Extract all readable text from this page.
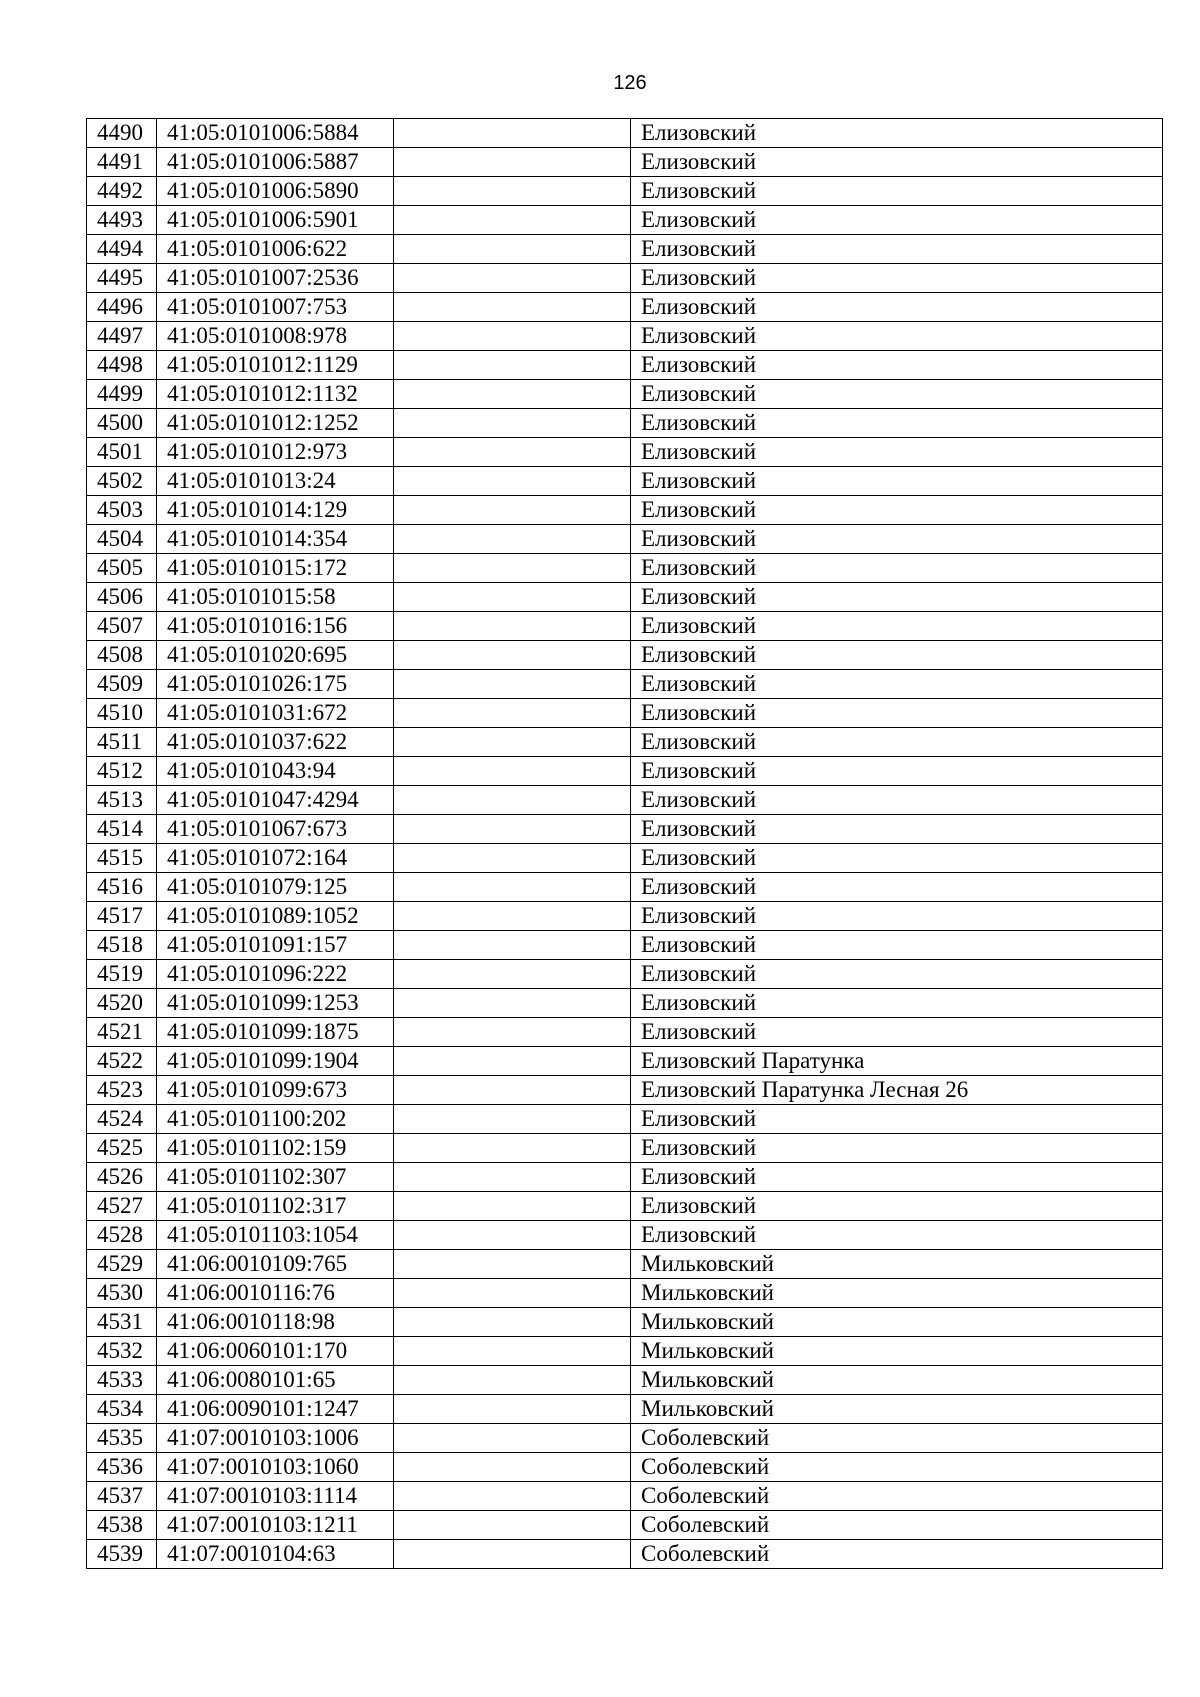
126
4490	41:05:0101006:5884		Елизовский
4491	41:05:0101006:5887		Елизовский
4492	41:05:0101006:5890		Елизовский
4493	41:05:0101006:5901		Елизовский
4494	41:05:0101006:622		Елизовский
4495	41:05:0101007:2536		Елизовский
4496	41:05:0101007:753		Елизовский
4497	41:05:0101008:978		Елизовский
4498	41:05:0101012:1129		Елизовский
4499	41:05:0101012:1132		Елизовский
4500	41:05:0101012:1252		Елизовский
4501	41:05:0101012:973		Елизовский
4502	41:05:0101013:24		Елизовский
4503	41:05:0101014:129		Елизовский
4504	41:05:0101014:354		Елизовский
4505	41:05:0101015:172		Елизовский
4506	41:05:0101015:58		Елизовский
4507	41:05:0101016:156		Елизовский
4508	41:05:0101020:695		Елизовский
4509	41:05:0101026:175		Елизовский
4510	41:05:0101031:672		Елизовский
4511	41:05:0101037:622		Елизовский
4512	41:05:0101043:94		Елизовский
4513	41:05:0101047:4294		Елизовский
4514	41:05:0101067:673		Елизовский
4515	41:05:0101072:164		Елизовский
4516	41:05:0101079:125		Елизовский
4517	41:05:0101089:1052		Елизовский
4518	41:05:0101091:157		Елизовский
4519	41:05:0101096:222		Елизовский
4520	41:05:0101099:1253		Елизовский
4521	41:05:0101099:1875		Елизовский
4522	41:05:0101099:1904		Елизовский Паратунка
4523	41:05:0101099:673		Елизовский Паратунка Лесная 26
4524	41:05:0101100:202		Елизовский
4525	41:05:0101102:159		Елизовский
4526	41:05:0101102:307		Елизовский
4527	41:05:0101102:317		Елизовский
4528	41:05:0101103:1054		Елизовский
4529	41:06:0010109:765		Мильковский
4530	41:06:0010116:76		Мильковский
4531	41:06:0010118:98		Мильковский
4532	41:06:0060101:170		Мильковский
4533	41:06:0080101:65		Мильковский
4534	41:06:0090101:1247		Мильковский
4535	41:07:0010103:1006		Соболевский
4536	41:07:0010103:1060		Соболевский
4537	41:07:0010103:1114		Соболевский
4538	41:07:0010103:1211		Соболевский
4539	41:07:0010104:63		Соболевский
